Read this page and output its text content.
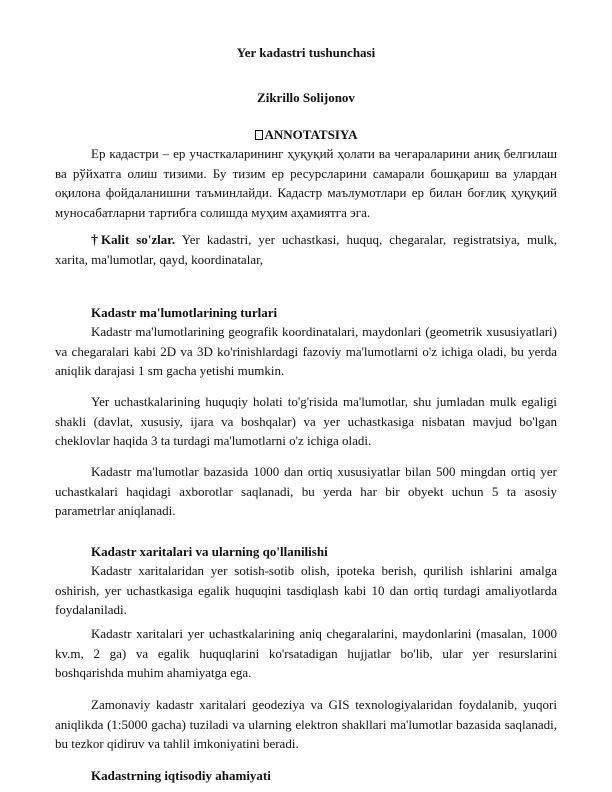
Yer kadastri tushunchasi
Zikrillo Solijonov
ANNOTATSIYA

Ер кадастри – ер участкаларининг ҳуқуқий ҳолати ва чегараларини аниқ белгилаш ва рўйхатга олиш тизими. Бу тизим ер ресурсларини самарали бошқариш ва улардан оқилона фойдаланишни таъминлайди. Кадастр маълумотлари ер билан боғлиқ ҳуқуқий муносабатларни тартибга солишда муҳим аҳамиятга эга.

† Kalit so'zlar. Yer kadastri, yer uchastkasi, huquq, chegaralar, registratsiya, mulk, xarita, ma'lumotlar, qayd, koordinatalar,

Kadastr ma'lumotlarining turlari

Kadastr ma'lumotlarining geografik koordinatalari, maydonlari (geometrik xususiyatlari) va chegaralari kabi 2D va 3D ko'rinishlardagi fazoviy ma'lumotlarni o'z ichiga oladi, bu yerda aniqlik darajasi 1 sm gacha yetishi mumkin.

Yer uchastkalarining huquqiy holati to'g'risida ma'lumotlar, shu jumladan mulk egaligi shakli (davlat, xususiy, ijara va boshqalar) va yer uchastkasiga nisbatan mavjud bo'lgan cheklovlar haqida 3 ta turdagi ma'lumotlarni o'z ichiga oladi.

Kadastr ma'lumotlar bazasida 1000 dan ortiq xususiyatlar bilan 500 mingdan ortiq yer uchastkalari haqidagi axborotlar saqlanadi, bu yerda har bir obyekt uchun 5 ta asosiy parametrlar aniqlanadi.

Kadastr xaritalari va ularning qo'llanilishi

Kadastr xaritalaridan yer sotish-sotib olish, ipoteka berish, qurilish ishlarini amalga oshirish, yer uchastkasiga egalik huquqini tasdiqlash kabi 10 dan ortiq turdagi amaliyotlarda foydalaniladi.

Kadastr xaritalari yer uchastkalarining aniq chegaralarini, maydonlarini (masalan, 1000 kv.m, 2 ga) va egalik huquqlarini ko'rsatadigan hujjatlar bo'lib, ular yer resurslarini boshqarishda muhim ahamiyatga ega.

Zamonaviy kadastr xaritalari geodeziya va GIS texnologiyalaridan foydalanib, yuqori aniqlikda (1:5000 gacha) tuziladi va ularning elektron shakllari ma'lumotlar bazasida saqlanadi, bu tezkor qidiruv va tahlil imkoniyatini beradi.

Kadastrning iqtisodiy ahamiyati
